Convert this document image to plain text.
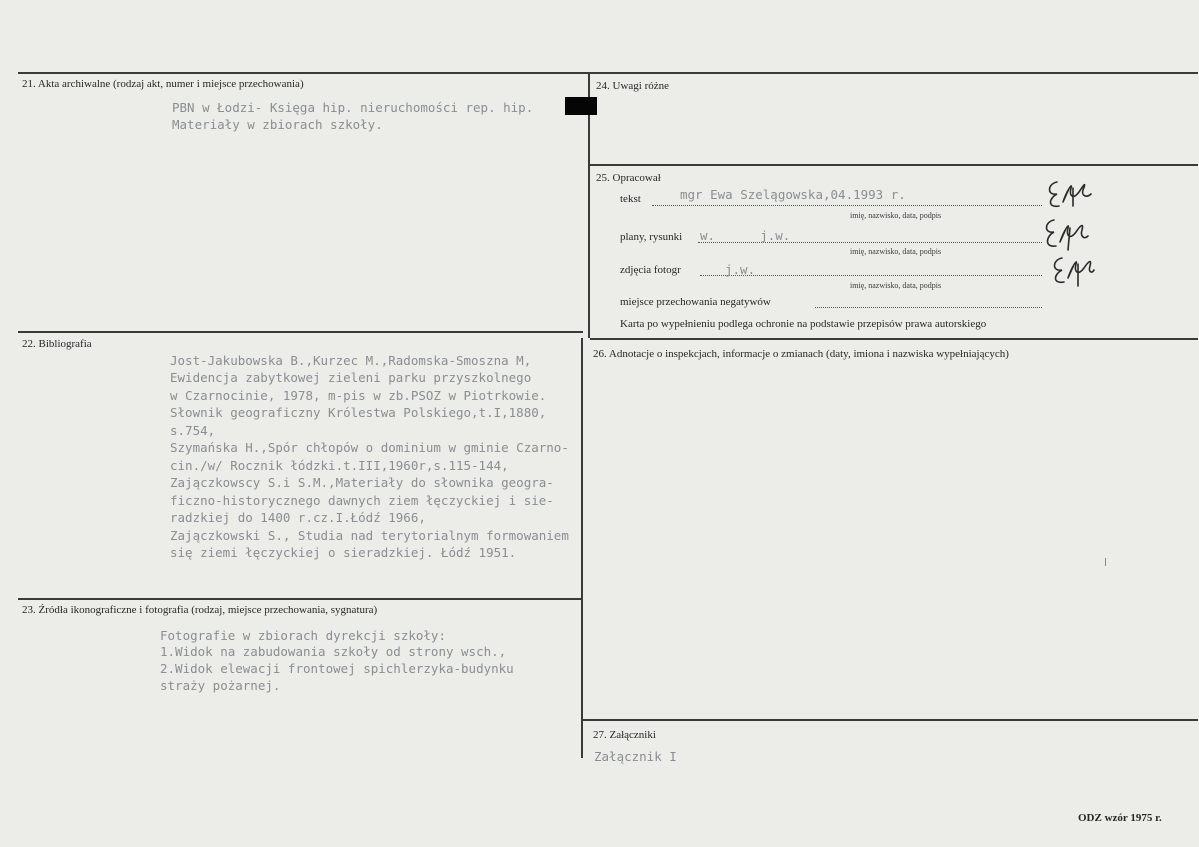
21. Akta archiwalne (rodzaj akt, numer i miejsce przechowania)
PBN w Łodzi- Księga hip. nieruchomości rep. hip.
Materiały w zbiorach szkoły.
22. Bibliografia
Jost-Jakubowska B.,Kurzec M.,Radomska-Smoszna M,
Ewidencja zabytkowej zieleni parku przyszkolnego
w Czarnocinie, 1978, m-pis w zb.PSOZ w Piotrkowie.
Słownik geograficzny Królestwa Polskiego,t.I,1880,
s.754,
Szymańska H.,Spór chłopów o dominium w gminie Czarno-
cin./w/ Rocznik łódzki.t.III,1960r,s.115-144,
Zajączkowscy S.i S.M.,Materiały do słownika geogra-
ficzno-historycznego dawnych ziem łęczyckiej i sie-
radzkiej do 1400 r.cz.I.Łódź 1966,
Zajączkowski S., Studia nad terytorialnym formowaniem
się ziemi łęczyckiej o sieradzkiej. Łódź 1951.
23. Źródła ikonograficzne i fotografia (rodzaj, miejsce przechowania, sygnatura)
Fotografie w zbiorach dyrekcji szkoły:
1.Widok na zabudowania szkoły od strony wsch.,
2.Widok elewacji frontowej spichlerzyka-budynku
straży pożarnej.
24. Uwagi różne
25. Opracował
tekst	mgr Ewa Szelągowska,04.1993 r.
imię, nazwisko, data, podpis
plany, rysunki w.      j.w.
imię, nazwisko, data, podpis
zdjęcia fotogr	j.w.
imię, nazwisko, data, podpis
miejsce przechowania negatywów
Karta po wypełnieniu podlega ochronie na podstawie przepisów prawa autorskiego
26. Adnotacje o inspekcjach, informacje o zmianach (daty, imiona i nazwiska wypełniających)
27. Załączniki
Załącznik I
ODZ wzór 1975 r.
